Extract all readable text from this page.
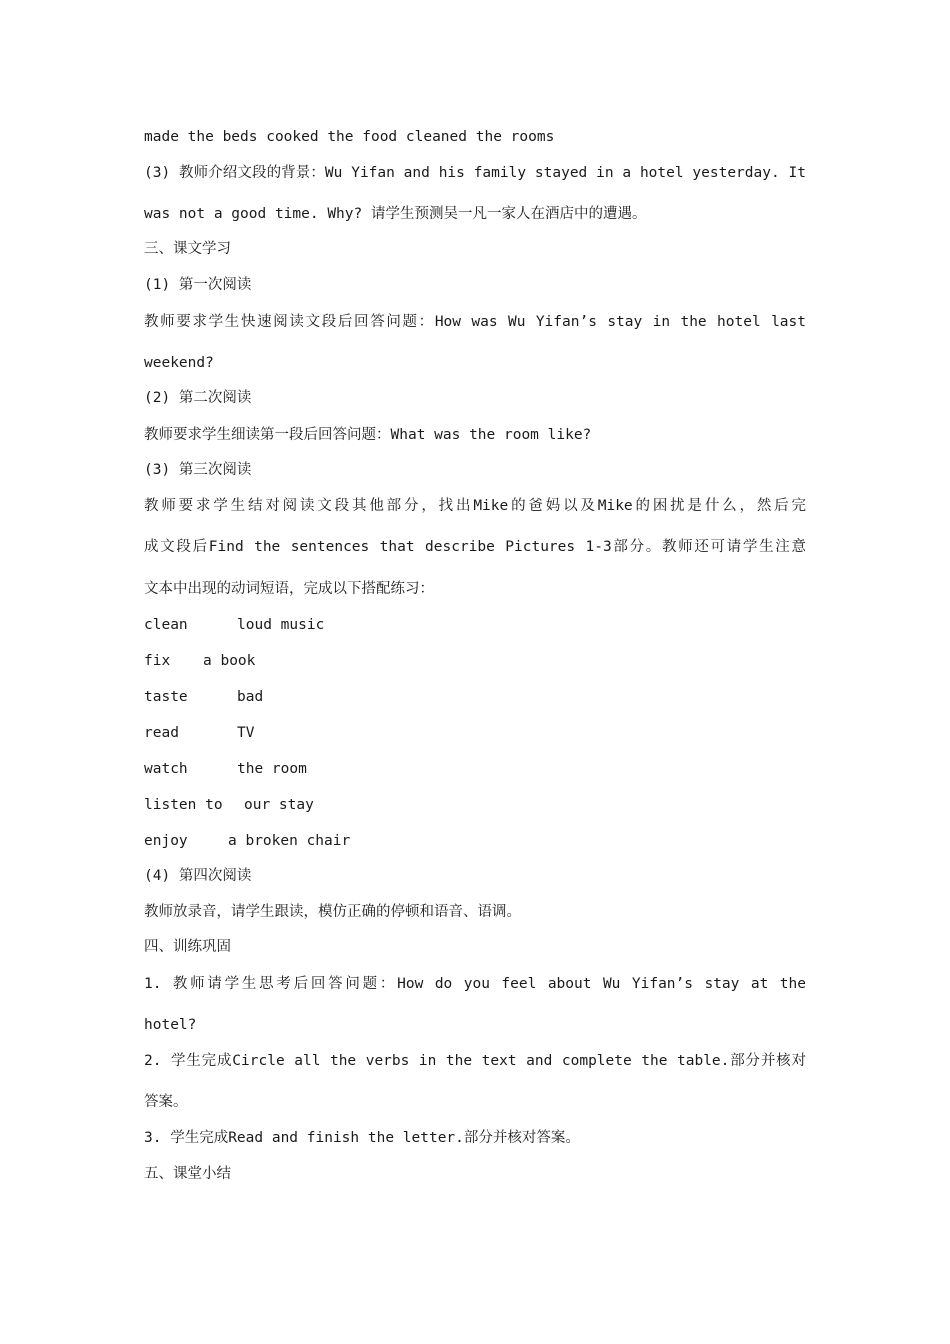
made the beds cooked the food cleaned the rooms
(3) 教师介绍文段的背景：Wu Yifan and his family stayed in a hotel yesterday. It
was not a good time. Why? 请学生预测吴一凡一家人在酒店中的遭遇。
三、课文学习
(1) 第一次阅读
教师要求学生快速阅读文段后回答问题：How was Wu Yifan’s stay in the hotel last
weekend?
(2) 第二次阅读
教师要求学生细读第一段后回答问题：What was the room like?
(3) 第三次阅读
教师要求学生结对阅读文段其他部分，找出Mike的爸妈以及Mike的困扰是什么，然后完
成文段后Find the sentences that describe Pictures 1-3部分。教师还可请学生注意
文本中出现的动词短语，完成以下搭配练习：
clean	loud music
fix a book
taste	bad
read	TV
watch	the room
listen to our stay
enjoy	a broken chair
(4) 第四次阅读
教师放录音，请学生跟读，模仿正确的停顿和语音、语调。
四、训练巩固
1. 教师请学生思考后回答问题：How do you feel about Wu Yifan’s stay at the
hotel?
2. 学生完成Circle all the verbs in the text and complete the table.部分并核对
答案。
3. 学生完成Read and finish the letter.部分并核对答案。
五、课堂小结
